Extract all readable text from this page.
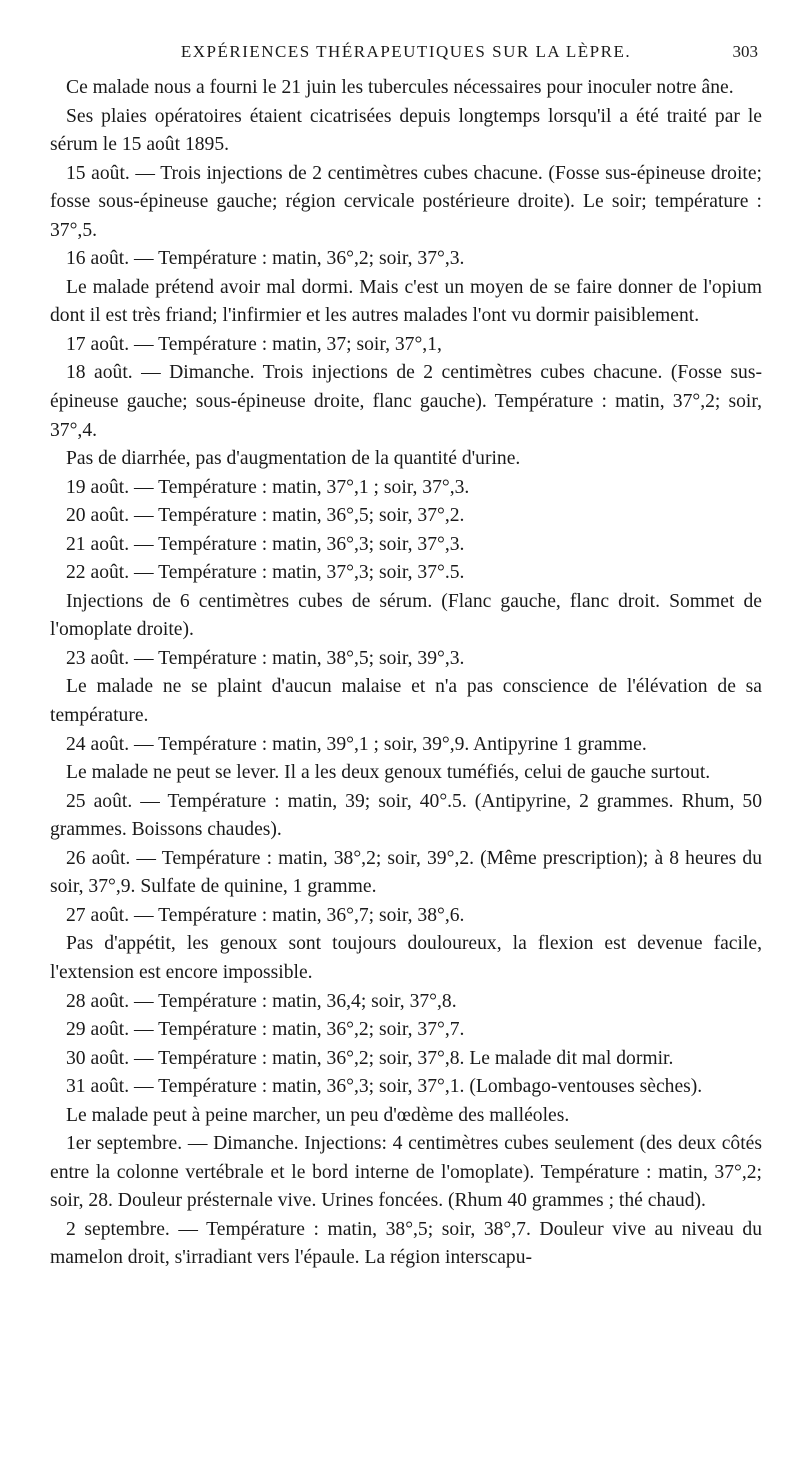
EXPÉRIENCES THÉRAPEUTIQUES SUR LA LÈPRE.	303

Ce malade nous a fourni le 21 juin les tubercules nécessaires pour inoculer notre âne.

Ses plaies opératoires étaient cicatrisées depuis longtemps lorsqu'il a été traité par le sérum le 15 août 1895.

15 août. — Trois injections de 2 centimètres cubes chacune. (Fosse sus-épineuse droite; fosse sous-épineuse gauche; région cervicale postérieure droite). Le soir; température : 37°,5.

16 août. — Température : matin, 36°,2; soir, 37°,3.

Le malade prétend avoir mal dormi. Mais c'est un moyen de se faire donner de l'opium dont il est très friand; l'infirmier et les autres malades l'ont vu dormir paisiblement.

17 août. — Température : matin, 37; soir, 37°,1,

18 août. — Dimanche. Trois injections de 2 centimètres cubes chacune. (Fosse sus-épineuse gauche; sous-épineuse droite, flanc gauche). Température : matin, 37°,2; soir, 37°,4.

Pas de diarrhée, pas d'augmentation de la quantité d'urine.

19 août. — Température : matin, 37°,1 ; soir, 37°,3.

20 août. — Température : matin, 36°,5; soir, 37°,2.

21 août. — Température : matin, 36°,3; soir, 37°,3.

22 août. — Température : matin, 37°,3; soir, 37°.5.

Injections de 6 centimètres cubes de sérum. (Flanc gauche, flanc droit. Sommet de l'omoplate droite).

23 août. — Température : matin, 38°,5; soir, 39°,3.

Le malade ne se plaint d'aucun malaise et n'a pas conscience de l'élévation de sa température.

24 août. — Température : matin, 39°,1 ; soir, 39°,9. Antipyrine 1 gramme.

Le malade ne peut se lever. Il a les deux genoux tuméfiés, celui de gauche surtout.

25 août. — Température : matin, 39; soir, 40°.5. (Antipyrine, 2 grammes. Rhum, 50 grammes. Boissons chaudes).

26 août. — Température : matin, 38°,2; soir, 39°,2. (Même prescription); à 8 heures du soir, 37°,9. Sulfate de quinine, 1 gramme.

27 août. — Température : matin, 36°,7; soir, 38°,6.

Pas d'appétit, les genoux sont toujours douloureux, la flexion est devenue facile, l'extension est encore impossible.

28 août. — Température : matin, 36,4; soir, 37°,8.

29 août. — Température : matin, 36°,2; soir, 37°,7.

30 août. — Température : matin, 36°,2; soir, 37°,8. Le malade dit mal dormir.

31 août. — Température : matin, 36°,3; soir, 37°,1. (Lombago-ventouses sèches).

Le malade peut à peine marcher, un peu d'œdème des malléoles.

1er septembre. — Dimanche. Injections: 4 centimètres cubes seulement (des deux côtés entre la colonne vertébrale et le bord interne de l'omoplate). Température : matin, 37°,2; soir, 28. Douleur présternale vive. Urines foncées. (Rhum 40 grammes ; thé chaud).

2 septembre. — Température : matin, 38°,5; soir, 38°,7. Douleur vive au niveau du mamelon droit, s'irradiant vers l'épaule. La région interscapu-
